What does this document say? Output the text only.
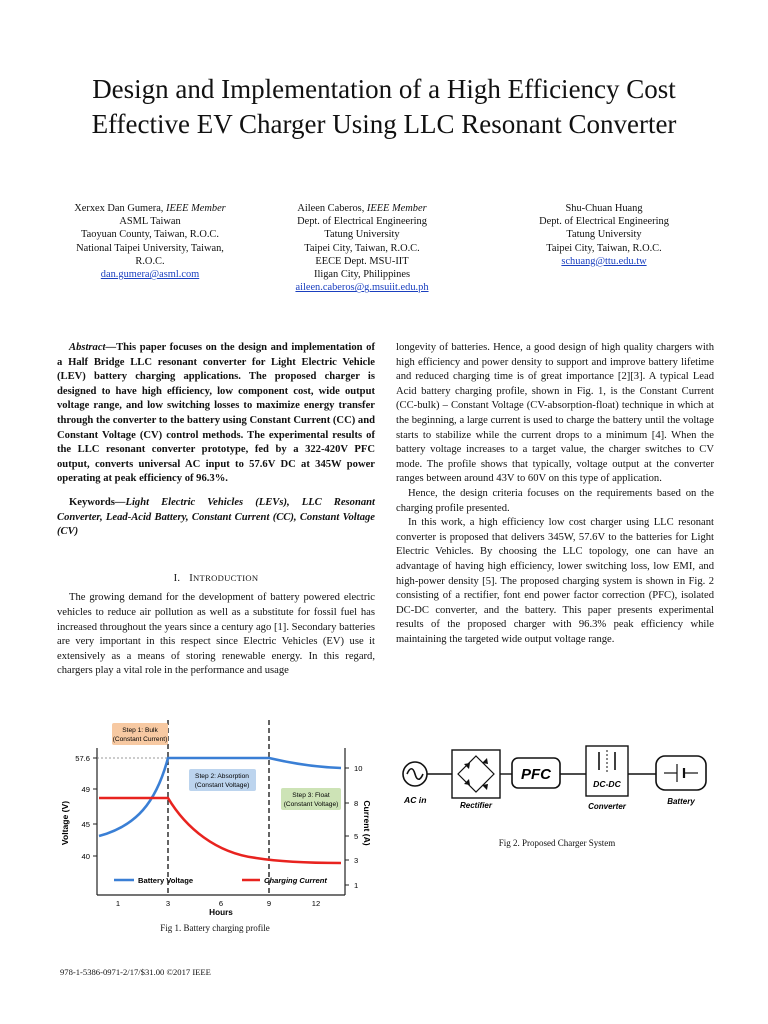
Design and Implementation of a High Efficiency Cost Effective EV Charger Using LLC Resonant Converter
Xerxex Dan Gumera, IEEE Member
ASML Taiwan
Taoyuan County, Taiwan, R.O.C.
National Taipei University, Taiwan,
R.O.C.
dan.gumera@asml.com
Aileen Caberos, IEEE Member
Dept. of Electrical Engineering
Tatung University
Taipei City, Taiwan, R.O.C.
EECE Dept. MSU-IIT
Iligan City, Philippines
aileen.caberos@g.msuiit.edu.ph
Shu-Chuan Huang
Dept. of Electrical Engineering
Tatung University
Taipei City, Taiwan, R.O.C.
schuang@ttu.edu.tw

Abstract—This paper focuses on the design and implementation of a Half Bridge LLC resonant converter for Light Electric Vehicle (LEV) battery charging applications. The proposed charger is designed to have high efficiency, low component cost, wide output voltage range, and low switching losses to maximize energy transfer through the converter to the battery using Constant Current (CC) and Constant Voltage (CV) control methods. The experimental results of the LLC resonant converter prototype, fed by a 322-420V PFC output, converts universal AC input to 57.6V DC at 345W power operating at peak efficiency of 96.3%.

Keywords—Light Electric Vehicles (LEVs), LLC Resonant Converter, Lead-Acid Battery, Constant Current (CC), Constant Voltage (CV)

I. INTRODUCTION

The growing demand for the development of battery powered electric vehicles to reduce air pollution as well as a substitute for fossil fuel has increased throughout the years since a century ago [1]. Secondary batteries are very important in this respect since Electric Vehicles (EV) use it extensively as a means of storing renewable energy. In this regard, chargers play a vital role in the performance and usage

longevity of batteries. Hence, a good design of high quality chargers with high efficiency and power density to support and improve battery lifetime and reduced charging time is of great importance [2][3]. A typical Lead Acid battery charging profile, shown in Fig. 1, is the Constant Current (CC-bulk) – Constant Voltage (CV-absorption-float) technique in which at the beginning, a large current is used to charge the battery until the voltage starts to stabilize while the current drops to a minimum [4]. When the battery voltage increases to a target value, the charger switches to CV mode. The profile shows that typically, voltage output at the converter ranges between around 43V to 60V on this type of application.

Hence, the design criteria focuses on the requirements based on the charging profile presented.

In this work, a high efficiency low cost charger using LLC resonant converter is proposed that delivers 345W, 57.6V to the batteries for Light Electric Vehicles. By choosing the LLC topology, one can have an advantage of having high efficiency, lower switching loss, low EMI, and high-power density [5]. The proposed charging system is shown in Fig. 2 consisting of a rectifier, font end power factor correction (PFC), isolated DC-DC converter, and the battery. This paper presents experimental results of the proposed charger with 96.3% peak efficiency while maintaining the targeted wide output voltage range.

Step 1: Bulk
(Constant Current)
Step 2: Absorption
(Constant Voltage)
Step 3: Float
(Constant Voltage)
57.6
49
45
40
Voltage (V)
10
8
5
3
1
Current (A)
Battery Voltage	Charging Current
1	3	6	9	12
Hours
Fig 1. Battery charging profile
AC in
Rectifier
PFC
DC-DC
Converter
Battery
Fig 2. Proposed Charger System
978-1-5386-0971-2/17/$31.00 ©2017 IEEE
